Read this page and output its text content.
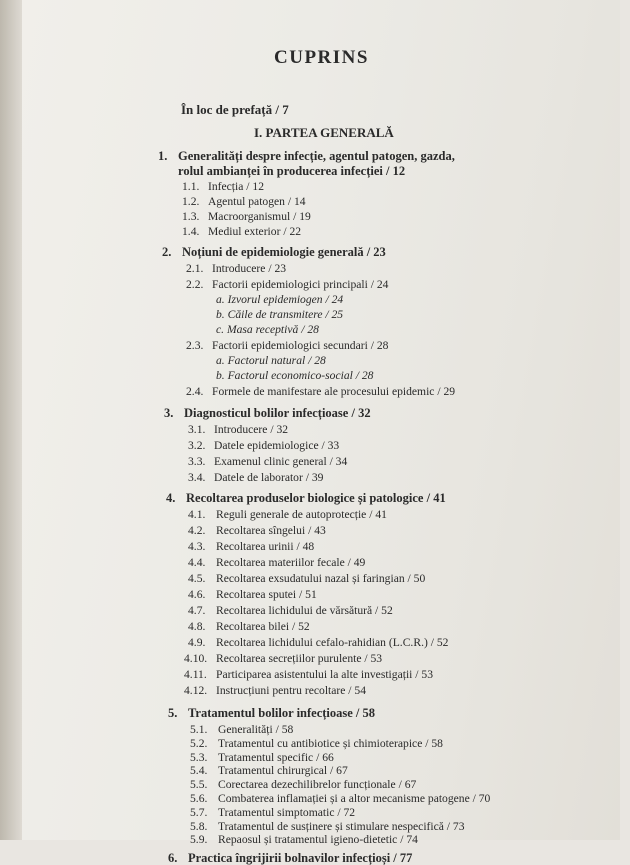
CUPRINS
În loc de prefață / 7
I. PARTEA GENERALĂ
1. Generalități despre infecție, agentul patogen, gazda,
rolul ambianței în producerea infecției / 12
1.1. Infecția / 12
1.2. Agentul patogen / 14
1.3. Macroorganismul / 19
1.4. Mediul exterior / 22
2. Noțiuni de epidemiologie generală / 23
2.1. Introducere / 23
2.2. Factorii epidemiologici principali / 24
a. Izvorul epidemiogen / 24
b. Căile de transmitere / 25
c. Masa receptivă / 28
2.3. Factorii epidemiologici secundari / 28
a. Factorul natural / 28
b. Factorul economico-social / 28
2.4. Formele de manifestare ale procesului epidemic / 29
3. Diagnosticul bolilor infecțioase / 32
3.1. Introducere / 32
3.2. Datele epidemiologice / 33
3.3. Examenul clinic general / 34
3.4. Datele de laborator / 39
4. Recoltarea produselor biologice și patologice / 41
4.1. Reguli generale de autoprotecție / 41
4.2. Recoltarea sîngelui / 43
4.3. Recoltarea urinii / 48
4.4. Recoltarea materiilor fecale / 49
4.5. Recoltarea exsudatului nazal și faringian / 50
4.6. Recoltarea sputei / 51
4.7. Recoltarea lichidului de vărsătură / 52
4.8. Recoltarea bilei / 52
4.9. Recoltarea lichidului cefalo-rahidian (L.C.R.) / 52
4.10. Recoltarea secrețiilor purulente / 53
4.11. Participarea asistentului la alte investigații / 53
4.12. Instrucțiuni pentru recoltare / 54
5. Tratamentul bolilor infecțioase / 58
5.1. Generalități / 58
5.2. Tratamentul cu antibiotice și chimioterapice / 58
5.3. Tratamentul specific / 66
5.4. Tratamentul chirurgical / 67
5.5. Corectarea dezechilibrelor funcționale / 67
5.6. Combaterea inflamației și a altor mecanisme patogene / 70
5.7. Tratamentul simptomatic / 72
5.8. Tratamentul de susținere și stimulare nespecifică / 73
5.9. Repaosul și tratamentul igieno-dietetic / 74
6. Practica îngrijirii bolnavilor infecțioși / 77
